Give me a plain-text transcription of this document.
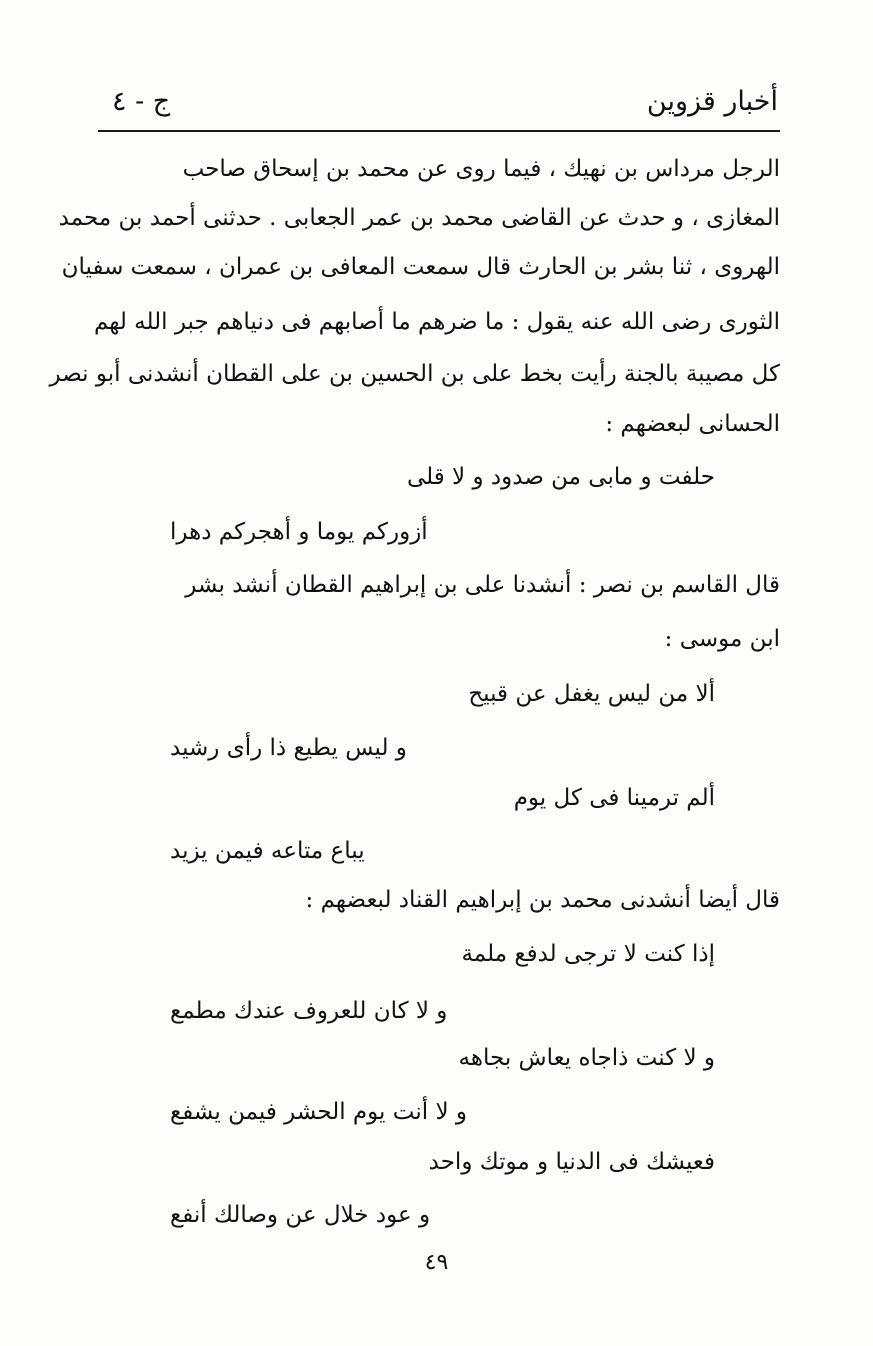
أخبار قزوين
ج - ٤
الرجل مرداس بن نهيك ، فيما روى عن محمد بن إسحاق صاحب
المغازى ، و حدث عن القاضى محمد بن عمر الجعابى . حدثنى أحمد بن محمد
الهروى ، ثنا بشر بن الحارث قال سمعت المعافى بن عمران ، سمعت سفيان
الثورى رضى الله عنه يقول : ما ضرهم ما أصابهم فى دنياهم جبر الله لهم
كل مصيبة بالجنة رأيت بخط على بن الحسين بن على القطان أنشدنى أبو نصر
الحسانى لبعضهم :
حلفت و مابى من صدود و لا قلى
أزوركم يوما و أهجركم دهرا
قال القاسم بن نصر : أنشدنا على بن إبراهيم القطان أنشد بشر
ابن موسى :
ألا من ليس يغفل عن قبيح
و ليس يطيع ذا رأى رشيد
ألم ترمينا فى كل يوم
يباع متاعه فيمن يزيد
قال أيضا أنشدنى محمد بن إبراهيم القناد لبعضهم :
إذا كنت لا ترجى لدفع ملمة
و لا كان للعروف عندك مطمع
و لا كنت ذاجاه يعاش بجاهه
و لا أنت يوم الحشر فيمن يشفع
فعيشك فى الدنيا و موتك واحد
و عود خلال عن وصالك أنفع
٤٩
